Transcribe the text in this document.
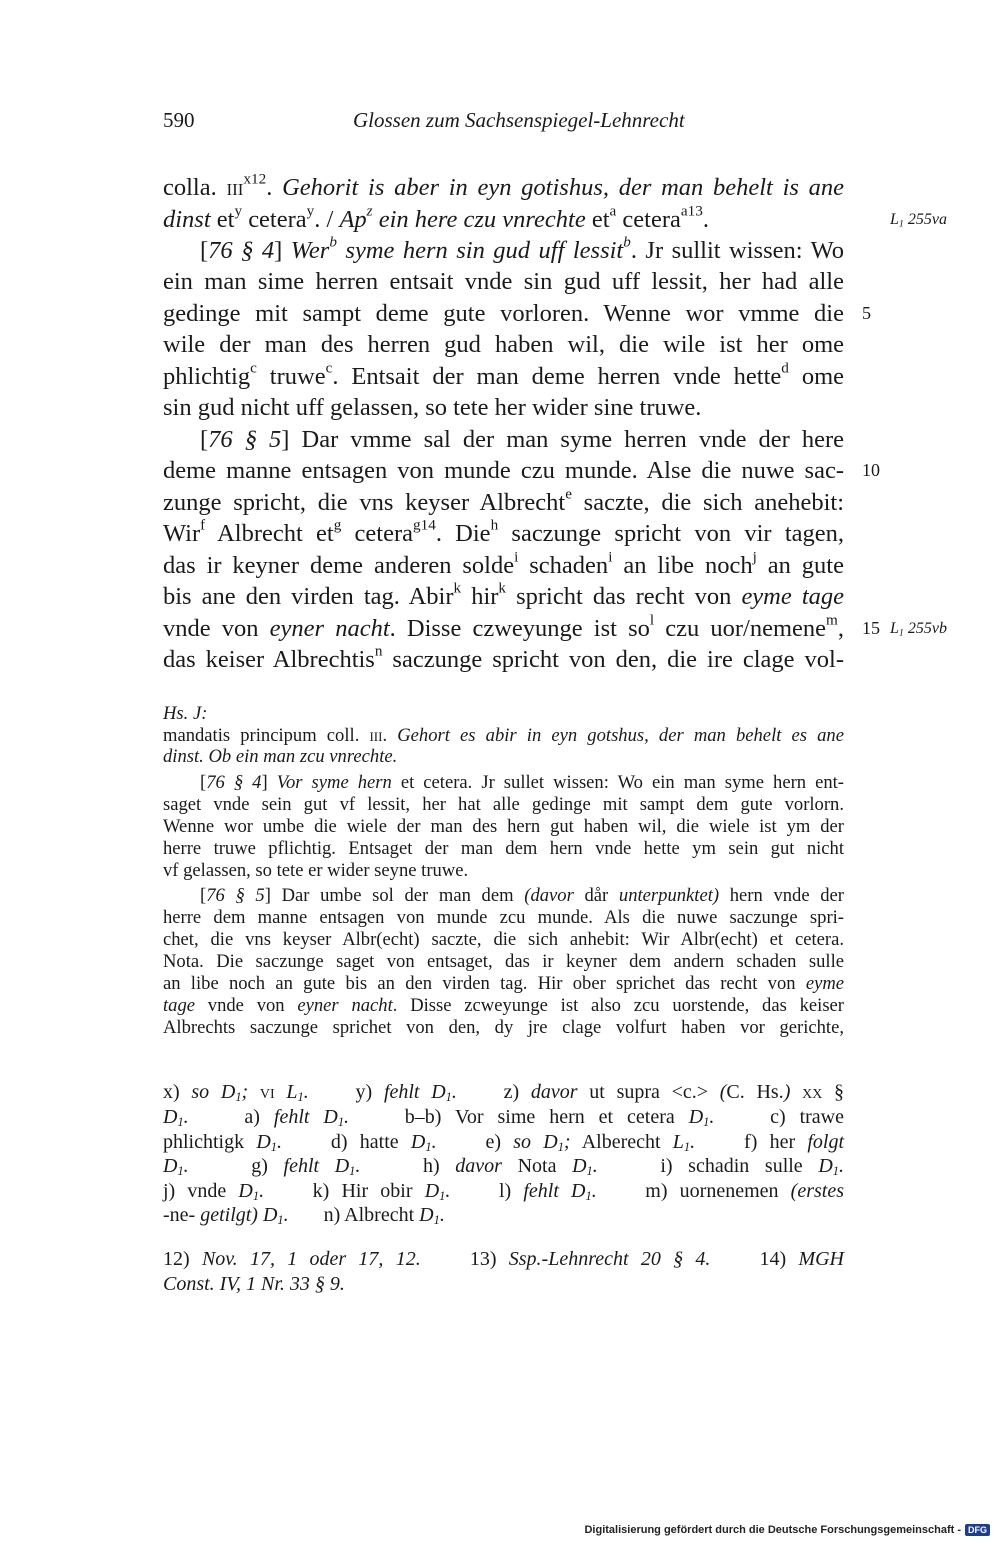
590	Glossen zum Sachsenspiegel-Lehnrecht
colla. iii$^{x12}$. Gehorit is aber in eyn gotishus, der man behelt is ane
dinst $et^y$ cetera$^y$. / Ap$^z$ ein here czu vnrechte $et^a$ cetera$^{a13}$.
[76 § 4] Wer$^b$ syme hern sin gud uff lessit$^b$. Jr sullit wissen: Wo
ein man sime herren entsait vnde sin gud uff lessit, her had alle
gedinge mit sampt deme gute vorloren. Wenne wor vmme die
wile der man des herren gud haben wil, die wile ist her ome
phlichtig$^c$ truwe$^c$. Entsait der man deme herren vnde hette$^d$ ome
sin gud nicht uff gelassen, so tete her wider sine truwe.
[76 § 5] Dar vmme sal der man syme herren vnde der here
deme manne entsagen von munde czu munde. Alse die nuwe sac-
zunge spricht, die vns keyser Albrecht$^e$ saczte, die sich anehebit:
Wir$^f$ Albrecht $et^g$ cetera$^{g14}$. Die$^h$ saczunge spricht von vir tagen,
das ir keyner deme anderen solde$^i$ schaden$^i$ an libe noch$^j$ an gute
bis ane den virden tag. Abir$^k$ hir$^k$ spricht das recht von eyme tage
vnde von eyner nacht. Disse czweyunge ist $so^l$ czu uor/nemene$^m$,
das keiser Albrechtis$^n$ saczunge spricht von den, die ire clage vol-
5
10
15
$L_1$ 255va
$L_1$ 255vb
Hs. J:
mandatis principum coll. iii. Gehort es abir in eyn gotshus, der man behelt es ane
dinst. Ob ein man zcu vnrechte.
[76 § 4] Vor syme hern et cetera. Jr sullet wissen: Wo ein man syme hern ent-
saget vnde sein gut vf lessit, her hat alle gedinge mit sampt dem gute vorlorn.
Wenne wor umbe die wiele der man des hern gut haben wil, die wiele ist ym der
herre truwe pflichtig. Entsaget der man dem hern vnde hette ym sein gut nicht
vf gelassen, so tete er wider seyne truwe.
[76 § 5] Dar umbe sol der man dem (davor dår unterpunktet) hern vnde der
herre dem manne entsagen von munde zcu munde. Als die nuwe saczunge spri-
chet, die vns keyser Albr(echt) saczte, die sich anhebit: Wir Albr(echt) et cetera.
Nota. Die saczunge saget von entsaget, das ir keyner dem andern schaden sulle
an libe noch an gute bis an den virden tag. Hir ober sprichet das recht von eyme
tage vnde von eyner nacht. Disse zcweyunge ist also zcu uorstende, das keiser
Albrechts saczunge sprichet von den, dy jre clage volfurt haben vor gerichte,
x) so $D_1$; vi $L_1$.    y) fehlt $D_1$.    z) davor ut supra <c.> (C. Hs.) xx §
$D_1$.    a) fehlt $D_1$.    b–b) Vor sime hern et cetera $D_1$.    c) trawe
phlichtigk $D_1$.    d) hatte $D_1$.    e) so $D_1$; Alberecht $L_1$.    f) her folgt
$D_1$.    g) fehlt $D_1$.    h) davor Nota $D_1$.    i) schadin sulle $D_1$.
j) vnde $D_1$.    k) Hir obir $D_1$.    l) fehlt $D_1$.    m) uornenemen (erstes
-ne- getilgt) $D_1$.       n) Albrecht $D_1$.
12) Nov. 17, 1 oder 17, 12.    13) Ssp.-Lehnrecht 20 § 4.    14) MGH
Const. IV, 1 Nr. 33 § 9.
Digitalisierung gefördert durch die Deutsche Forschungsgemeinschaft - DFG
